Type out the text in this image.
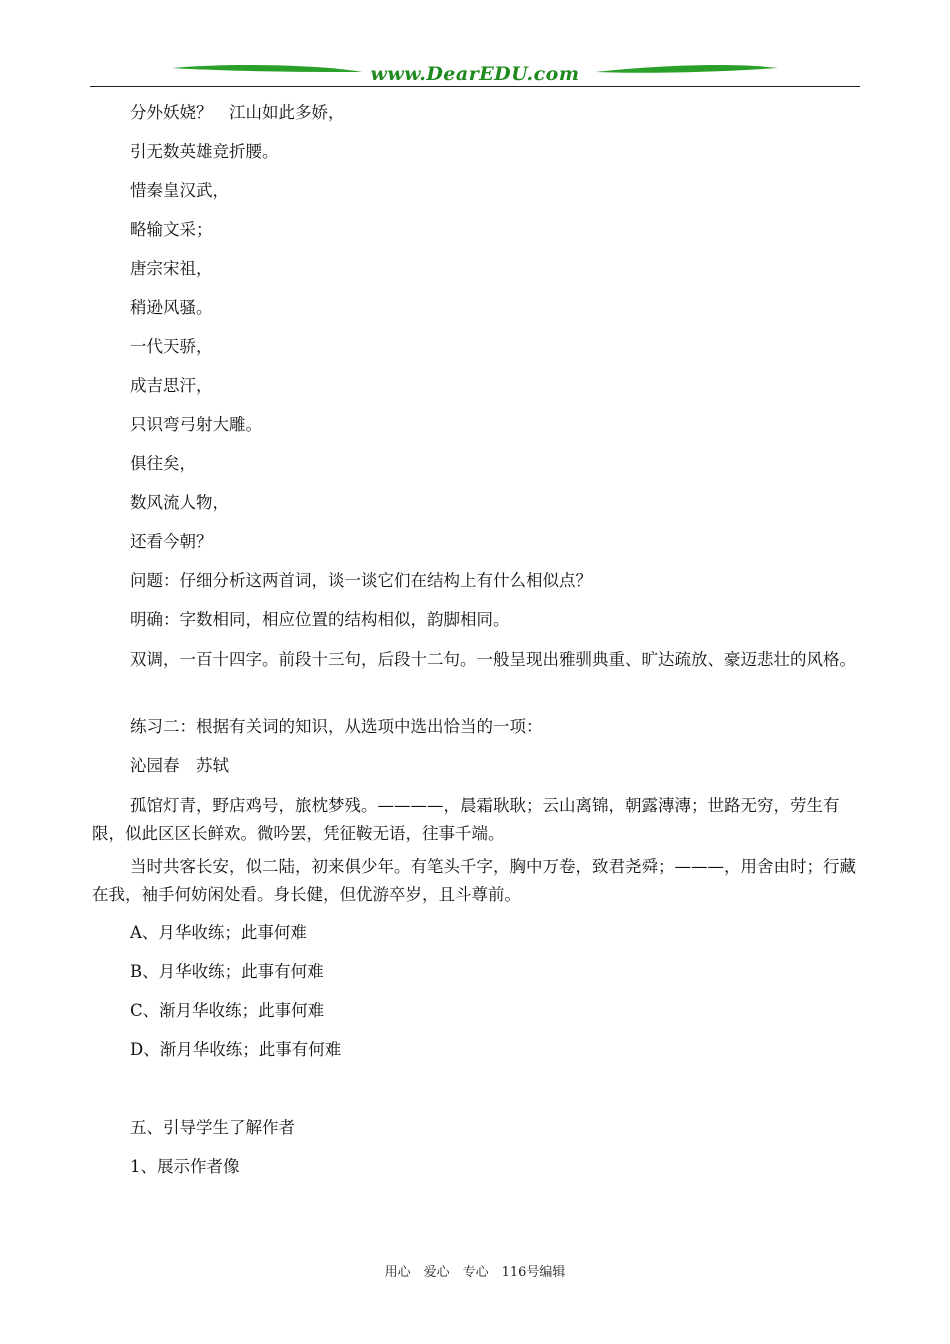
www.DearEDU.com
分外妖娆？　江山如此多娇，
引无数英雄竞折腰。
惜秦皇汉武，
略输文采；
唐宗宋祖，
稍逊风骚。
一代天骄，
成吉思汗，
只识弯弓射大雕。
俱往矣，
数风流人物，
还看今朝？
问题：仔细分析这两首词，谈一谈它们在结构上有什么相似点？
明确：字数相同，相应位置的结构相似，韵脚相同。
双调，一百十四字。前段十三句，后段十二句。一般呈现出雅驯典重、旷达疏放、豪迈悲壮的风格。
练习二：根据有关词的知识，从选项中选出恰当的一项：
沁园春　苏轼
孤馆灯青，野店鸡号，旅枕梦残。————，晨霜耿耿；云山离锦，朝露漙漙；世路无穷，劳生有限，似此区区长鲜欢。微吟罢，凭征鞍无语，往事千端。
当时共客长安，似二陆，初来俱少年。有笔头千字，胸中万卷，致君尧舜；———，用舍由时；行藏在我，袖手何妨闲处看。身长健，但优游卒岁，且斗尊前。
A、月华收练；此事何难
B、月华收练；此事有何难
C、渐月华收练；此事何难
D、渐月华收练；此事有何难
五、引导学生了解作者
1、展示作者像
用心　爱心　专心　116号编辑
